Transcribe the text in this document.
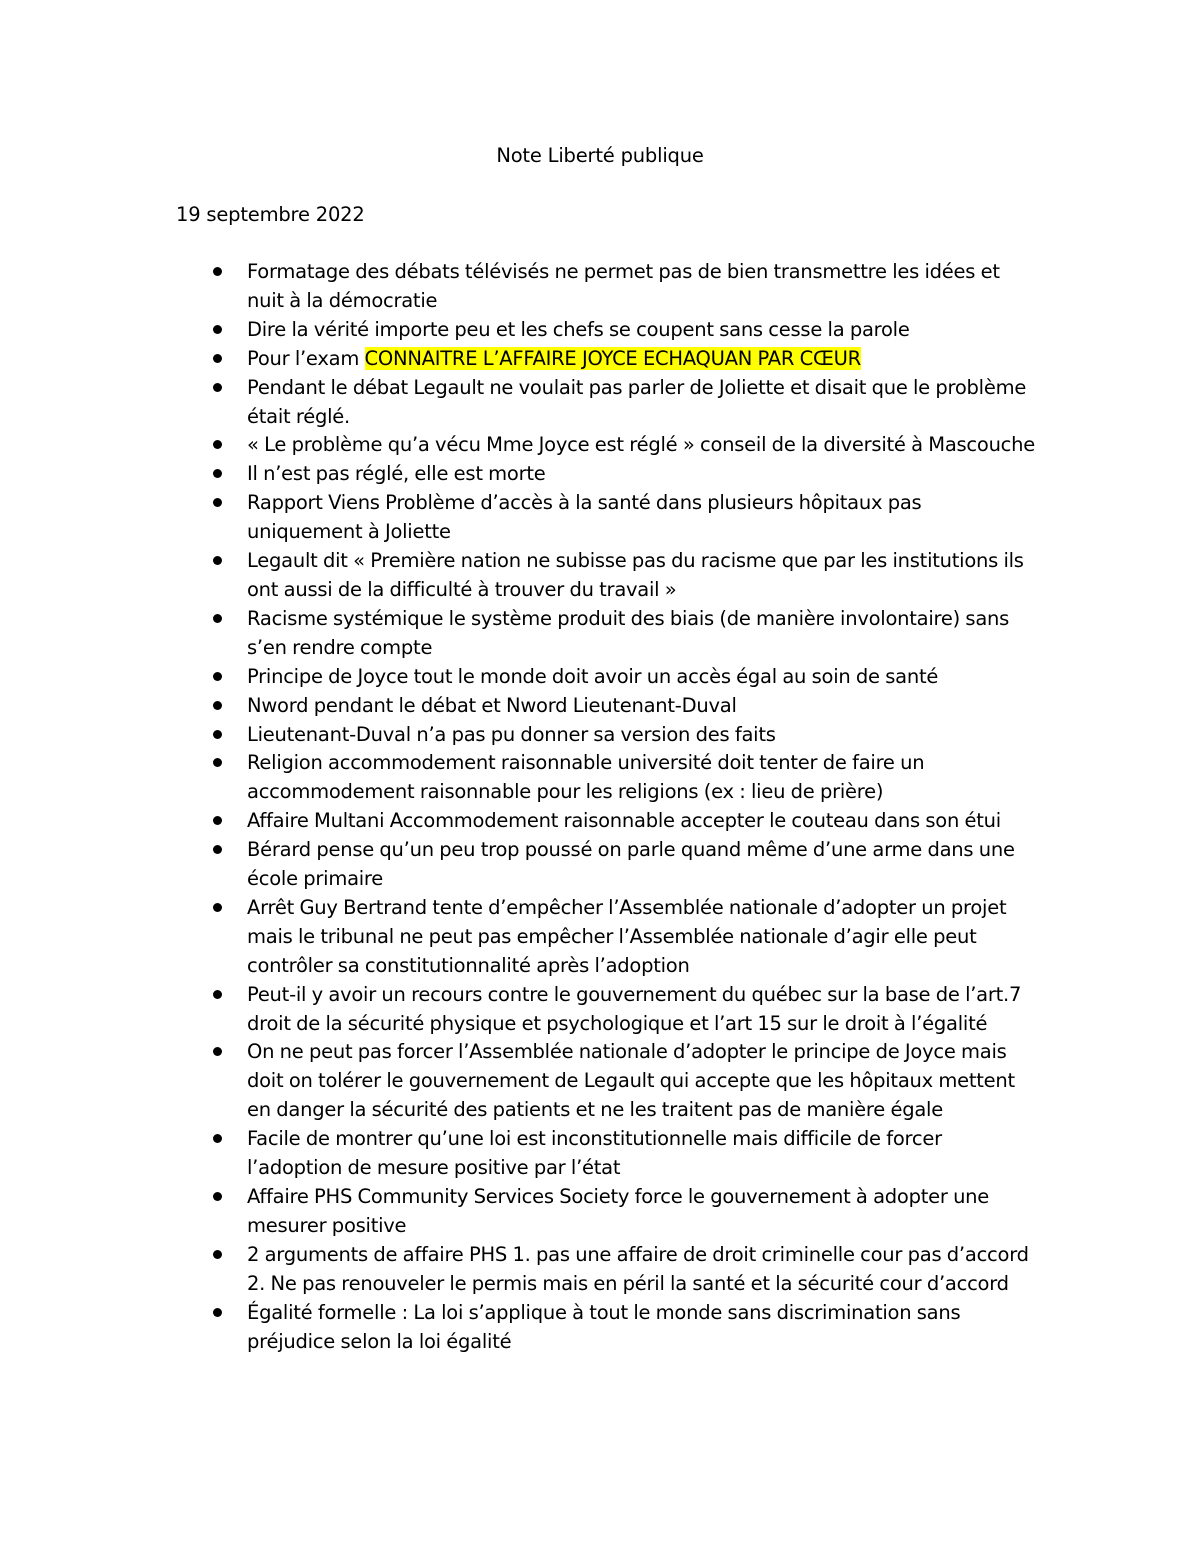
Note Liberté publique
19 septembre 2022
Formatage des débats télévisés ne permet pas de bien transmettre les idées et nuit à la démocratie
Dire la vérité importe peu et les chefs se coupent sans cesse la parole
Pour l’exam CONNAITRE L’AFFAIRE JOYCE ECHAQUAN PAR CŒUR
Pendant le débat Legault ne voulait pas parler de Joliette et disait que le problème était réglé.
« Le problème qu’a vécu Mme Joyce est réglé » conseil de la diversité à Mascouche
Il n’est pas réglé, elle est morte
Rapport Viens Problème d’accès à la santé dans plusieurs hôpitaux pas uniquement à Joliette
Legault dit « Première nation ne subisse pas du racisme que par les institutions ils ont aussi de la difficulté à trouver du travail »
Racisme systémique le système produit des biais (de manière involontaire) sans s’en rendre compte
Principe de Joyce tout le monde doit avoir un accès égal au soin de santé
Nword pendant le débat et Nword Lieutenant-Duval
Lieutenant-Duval n’a pas pu donner sa version des faits
Religion accommodement raisonnable université doit tenter de faire un accommodement raisonnable pour les religions (ex : lieu de prière)
Affaire Multani Accommodement raisonnable accepter le couteau dans son étui
Bérard pense qu’un peu trop poussé on parle quand même d’une arme dans une école primaire
Arrêt Guy Bertrand tente d’empêcher l’Assemblée nationale d’adopter un projet mais le tribunal ne peut pas empêcher l’Assemblée nationale d’agir elle peut contrôler sa constitutionnalité après l’adoption
Peut-il y avoir un recours contre le gouvernement du québec sur la base de l’art.7 droit de la sécurité physique et psychologique et l’art 15 sur le droit à l’égalité
On ne peut pas forcer l’Assemblée nationale d’adopter le principe de Joyce mais doit on tolérer le gouvernement de Legault qui accepte que les hôpitaux mettent en danger la sécurité des patients et ne les traitent pas de manière égale
Facile de montrer qu’une loi est inconstitutionnelle mais difficile de forcer l’adoption de mesure positive par l’état
Affaire PHS Community Services Society force le gouvernement à adopter une mesurer positive
2 arguments de affaire PHS 1. pas une affaire de droit criminelle cour pas d’accord 2. Ne pas renouveler le permis mais en péril la santé et la sécurité cour d’accord
Égalité formelle : La loi s’applique à tout le monde sans discrimination sans préjudice selon la loi égalité
